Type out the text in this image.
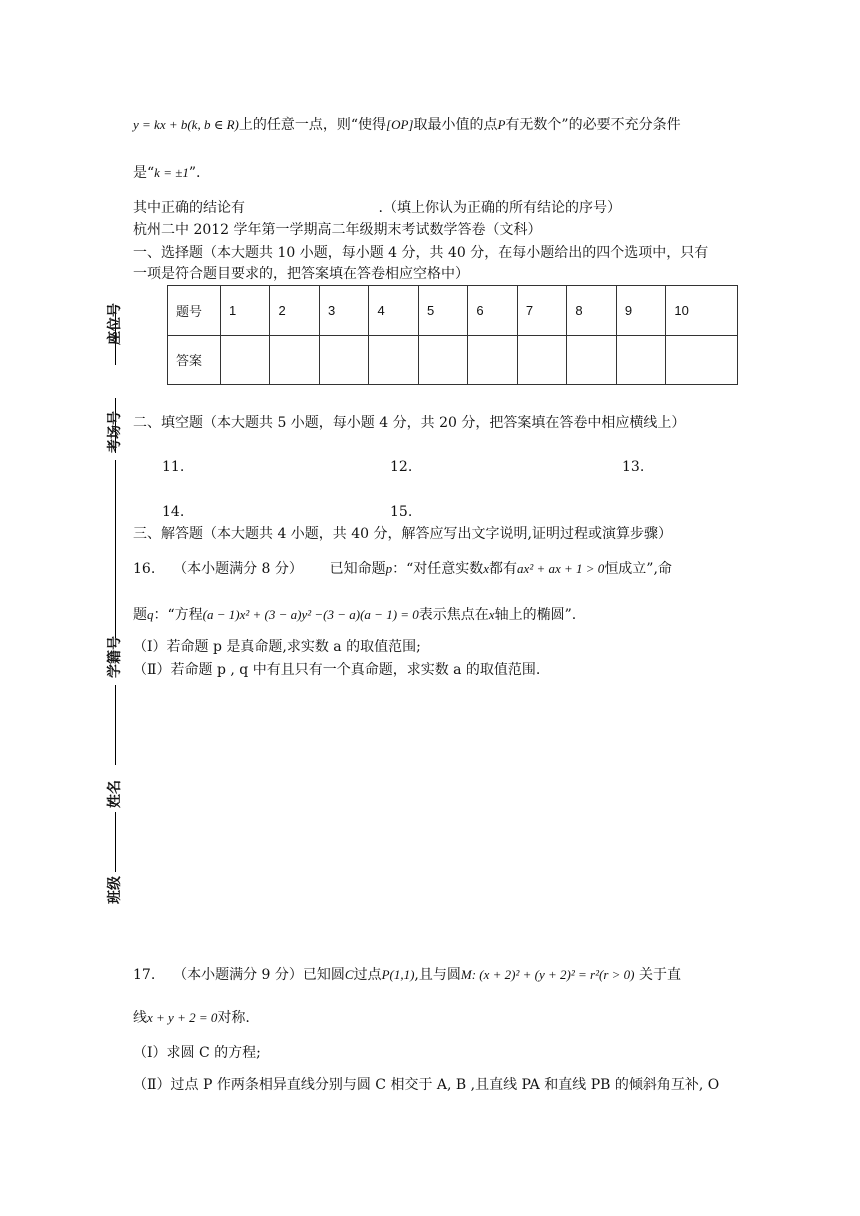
y = kx + b(k, b ∈ R)上的任意一点，则“使得[OP]取最小值的点P有无数个”的必要不充分条件
是“k = ±1”.
其中正确的结论有                              .（填上你认为正确的所有结论的序号）
杭州二中 2012 学年第一学期高二年级期末考试数学答卷（文科）
一、选择题（本大题共 10 小题，每小题 4 分，共 40 分，在每小题给出的四个选项中，只有
一项是符合题目要求的，把答案填在答卷相应空格中）
题号	1	2	3	4	5	6	7	8	9	10
答案										
二、填空题（本大题共 5 小题，每小题 4 分，共 20 分，把答案填在答卷中相应横线上）
11.	12.	13.
14.	15.
三、解答题（本大题共 4 小题，共 40 分，解答应写出文字说明,证明过程或演算步骤）
16. （本小题满分 8 分） 已知命题p：“对任意实数x都有ax² + ax + 1 > 0恒成立”,命
题q：“方程(a − 1)x² + (3 − a)y² −(3 − a)(a − 1) = 0表示焦点在x轴上的椭圆”.
（Ⅰ）若命题 p 是真命题,求实数 a 的取值范围;
（Ⅱ）若命题 p , q 中有且只有一个真命题，求实数 a 的取值范围.
17. （本小题满分 9 分）已知圆C过点P(1,1),且与圆M: (x + 2)² + (y + 2)² = r²(r > 0) 关于直
线x + y + 2 = 0对称.
（Ⅰ）求圆 C 的方程;
（Ⅱ）过点 P 作两条相异直线分别与圆 C 相交于 A, B ,且直线 PA 和直线 PB 的倾斜角互补, O
座位号
考场号
学籍号
姓名
班级
